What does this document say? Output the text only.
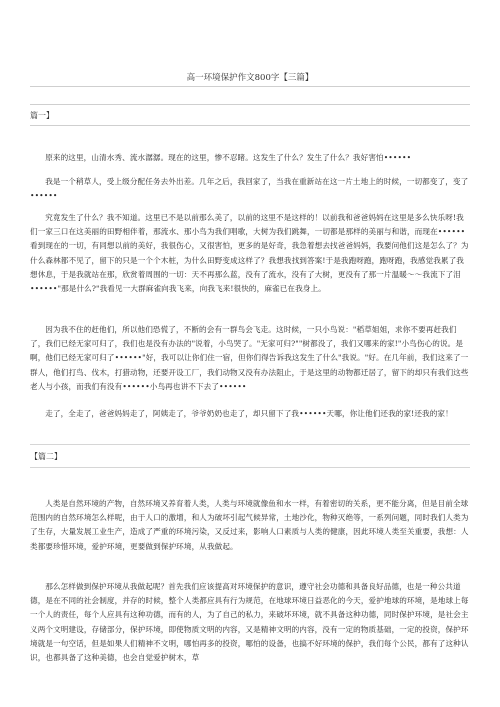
高一环境保护作文800字【三篇】
篇一】

原来的这里，山清水秀、流水潺潺。现在的这里，惨不忍睹。这发生了什么？发生了什么？我好害怕••••••

我是一个稍草人，受上级分配任务去外出差。几年之后，我回家了，当我在重新站在这一片土地上的时候，一切都变了，变了••••••

究竟发生了什么？我不知道。这里已不是以前那么美了，以前的这里不是这样的！以前我和爸爸妈妈在这里是多么快乐呀!我们一家三口在这美丽的田野相伴着，那流水、那小鸟为我们唱歌，大树为我们跳舞，一切都是那样的美丽与和谐，而现在••••••看到现在的一切，有同想以前的美好，我很伤心，又很害怕，更多的是好奇，我急着想去找爸爸妈妈，我要问他们这是怎么了？为什么森林都不见了，留下的只是一个个木桩，为什么田野变成这样了？我想我找到答案!于是我跑呀跑，跑呀跑，我感觉我累了我想休息，于是我就站在那，欣赏着周围的一切：天不再那么蓝，没有了流水，没有了大树，更没有了那一片温暖～～我流下了泪••••••"那是什么?"我看见一大群麻雀向我飞来，向我飞来!很快的，麻雀已在我身上。

因为我不住的赶他们，所以他们恐慌了，不断的会有一群鸟会飞走。这时候，一只小鸟说："稻草姐姐，求你不要再赶我们了，我们已经无家可归了，我们也是没有办法的"说着，小鸟哭了。"无家可归?""树都没了，我们又哪来的家!"小鸟伤心的说。是啊，他们已经无家可归了••••••"好，我可以让你们住一宿，但你们得告诉我这发生了什么"我说。"好。在几年前，我们这来了一群人，他们打鸟、伐木，打猎动物，还要开设工厂，我们动物又没有办法阻止，于是这里的动物都迁居了，留下的却只有我们这些老人与小孩，而我们有没有••••••小鸟再也讲不下去了••••••

走了，全走了，爸爸妈妈走了，阿姨走了，爷爷奶奶也走了，却只留下了我••••••天哪，你让他们还我的家!还我的家！

【篇二】

人类是自然环境的产物，自然环境又养育着人类，人类与环境就像鱼和水一样，有着密切的关系，更不能分离，但是目前全球范围内的自然环境怎么样呢，由于人口的激增，和人为破坏引起气候异常，土地沙化，物种灭绝等，一系列问题，同时我们人类为了生存，大量发展工业生产，造成了严重的环境污染，又反过来，影响人口素质与人类的健康，因此环境人类至关重要，我想：人类都要珍惜环境，爱护环境，更要做到保护环境，从我做起。

那么怎样做到保护环境从我做起呢？首先我们应该提高对环境保护的意识，遵守社会功德和具备良好品德，也是一种公共道德，是在不同的社会制度，并存的时候，整个人类都应具有行为规范，在地球环境日益恶化的今天，爱护地球的环境，是地球上每一个人的责任，每个人应具有这种功德，而有的人，为了自己的私力，来破坏环境，就不具备这种功德，同时保护环境，是社会主义两个文明建设，存储部分，保护环境，即使物质文明的内容，又是精神文明的内容，没有一定的物质基础，一定的投资，保护环境就是一句空话，但是如果人们精神不文明，哪怕再多的投资，哪怕的设备，也搞不好环境的保护，我们每个公民，都有了这种认识，也都具备了这种美德，也会自觉爱护树木，草
